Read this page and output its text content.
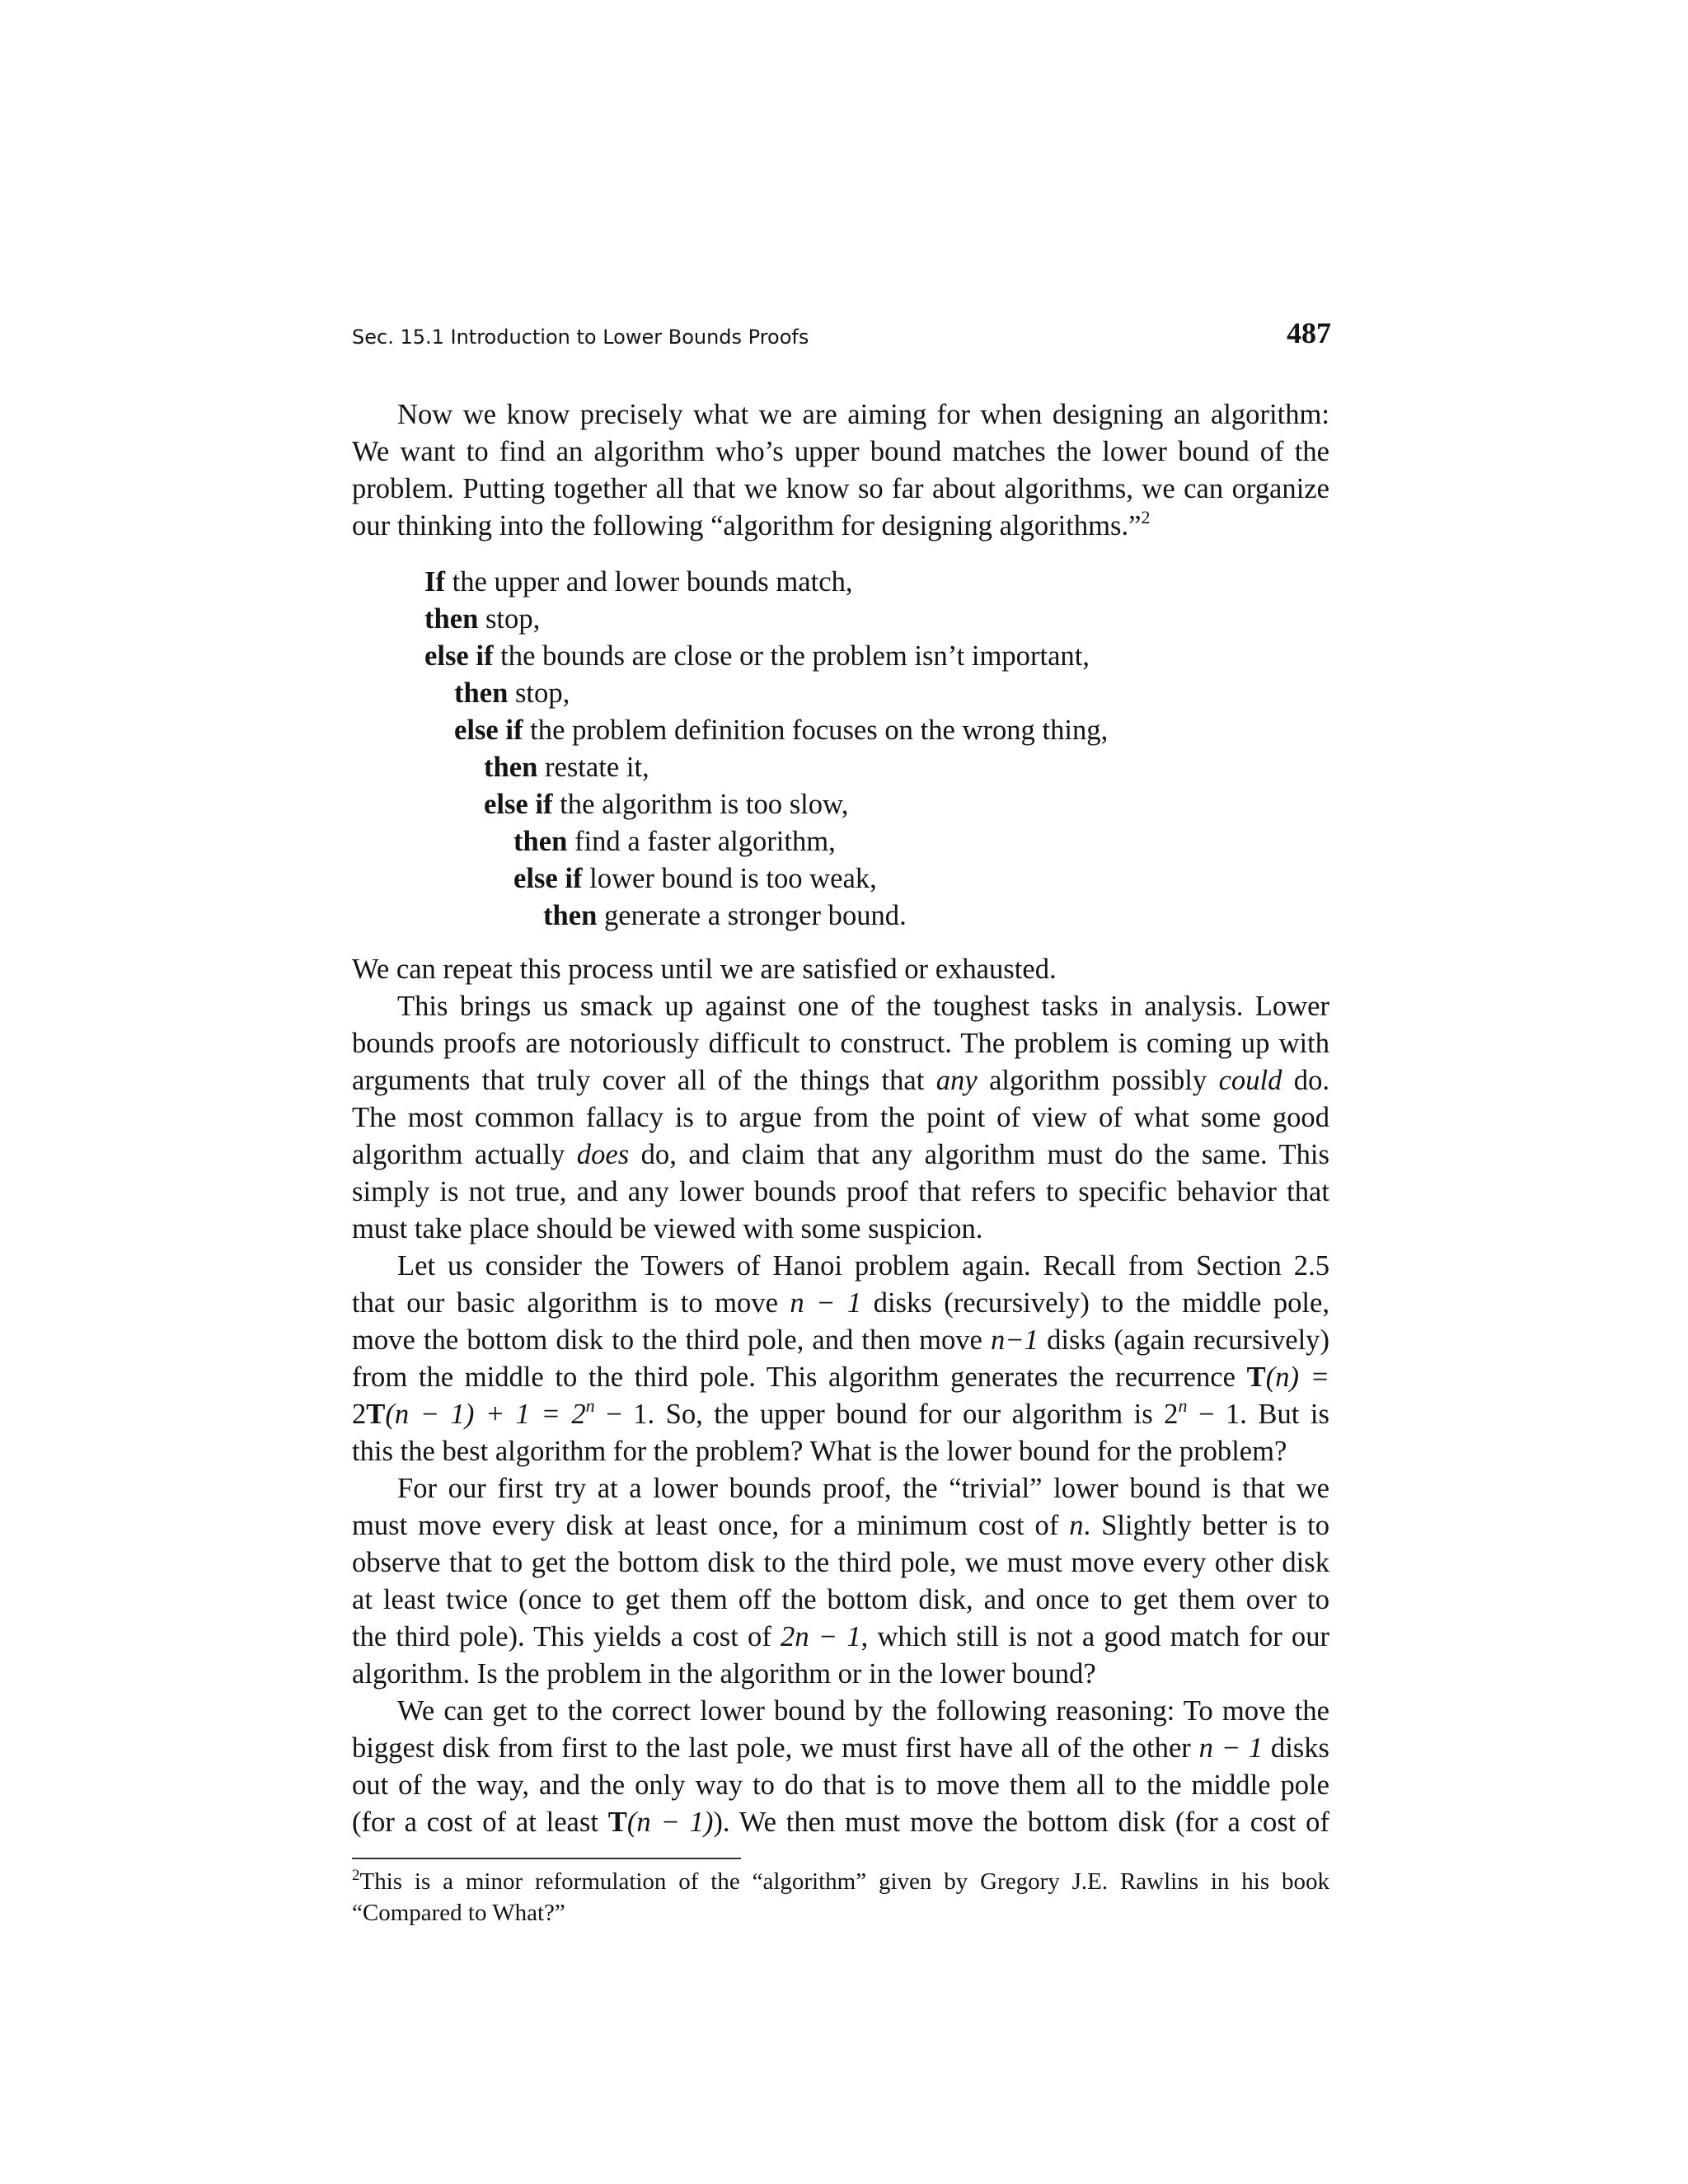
Sec. 15.1 Introduction to Lower Bounds Proofs	487
Now we know precisely what we are aiming for when designing an algorithm:
We want to find an algorithm who’s upper bound matches the lower bound of the
problem. Putting together all that we know so far about algorithms, we can organize
our thinking into the following “algorithm for designing algorithms.”$^2$
If the upper and lower bounds match,
then stop,
else if the bounds are close or the problem isn’t important,
then stop,
else if the problem definition focuses on the wrong thing,
then restate it,
else if the algorithm is too slow,
then find a faster algorithm,
else if lower bound is too weak,
then generate a stronger bound.
We can repeat this process until we are satisfied or exhausted.
This brings us smack up against one of the toughest tasks in analysis. Lower
bounds proofs are notoriously difficult to construct. The problem is coming up with
arguments that truly cover all of the things that any algorithm possibly could do.
The most common fallacy is to argue from the point of view of what some good
algorithm actually does do, and claim that any algorithm must do the same. This
simply is not true, and any lower bounds proof that refers to specific behavior that
must take place should be viewed with some suspicion.
Let us consider the Towers of Hanoi problem again. Recall from Section 2.5
that our basic algorithm is to move n − 1 disks (recursively) to the middle pole,
move the bottom disk to the third pole, and then move n−1 disks (again recursively)
from the middle to the third pole. This algorithm generates the recurrence T(n) =
$2T(n - 1) + 1 = 2^n - 1$. So, the upper bound for our algorithm is $2^n - 1$. But is
this the best algorithm for the problem? What is the lower bound for the problem?
For our first try at a lower bounds proof, the “trivial” lower bound is that we
must move every disk at least once, for a minimum cost of n. Slightly better is to
observe that to get the bottom disk to the third pole, we must move every other disk
at least twice (once to get them off the bottom disk, and once to get them over to
the third pole). This yields a cost of 2n − 1, which still is not a good match for our
algorithm. Is the problem in the algorithm or in the lower bound?
We can get to the correct lower bound by the following reasoning: To move the
biggest disk from first to the last pole, we must first have all of the other n − 1 disks
out of the way, and the only way to do that is to move them all to the middle pole
(for a cost of at least T(n − 1)). We then must move the bottom disk (for a cost of
$^2$This is a minor reformulation of the “algorithm” given by Gregory J.E. Rawlins in his book
“Compared to What?”
